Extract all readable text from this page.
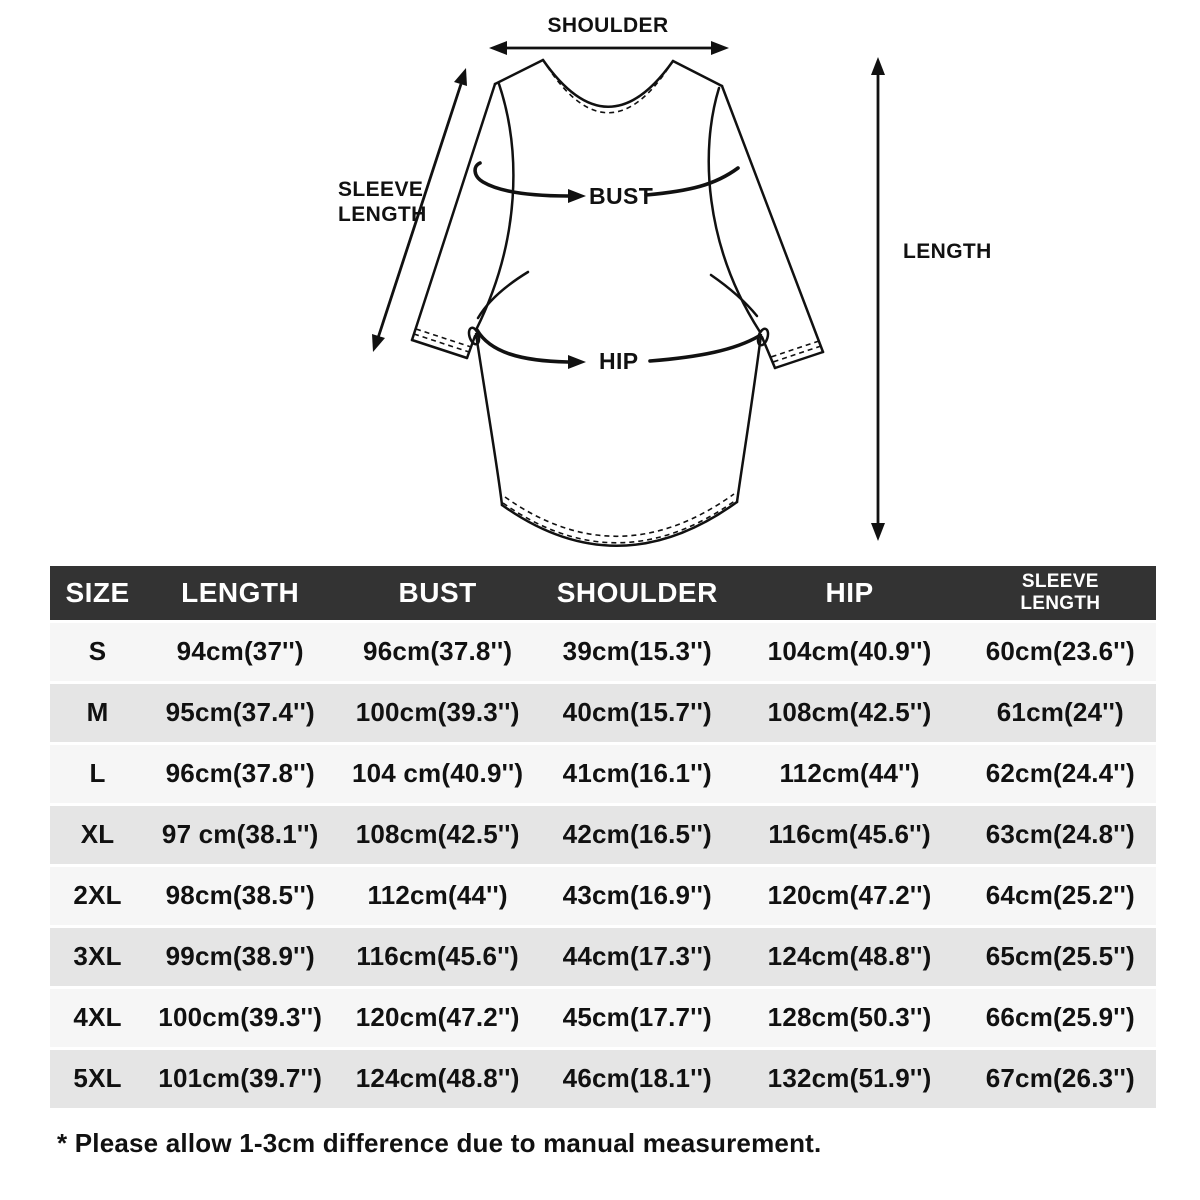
SHOULDER
SLEEVE
LENGTH
BUST
HIP
LENGTH
SIZE	LENGTH	BUST	SHOULDER	HIP	SLEEVE LENGTH
S	94cm(37'')	96cm(37.8'')	39cm(15.3'')	104cm(40.9'')	60cm(23.6'')
M	95cm(37.4'')	100cm(39.3'')	40cm(15.7'')	108cm(42.5'')	61cm(24'')
L	96cm(37.8'')	104 cm(40.9'')	41cm(16.1'')	112cm(44'')	62cm(24.4'')
XL	97 cm(38.1'')	108cm(42.5'')	42cm(16.5'')	116cm(45.6'')	63cm(24.8'')
2XL	98cm(38.5'')	112cm(44'')	43cm(16.9'')	120cm(47.2'')	64cm(25.2'')
3XL	99cm(38.9'')	116cm(45.6'')	44cm(17.3'')	124cm(48.8'')	65cm(25.5'')
4XL	100cm(39.3'')	120cm(47.2'')	45cm(17.7'')	128cm(50.3'')	66cm(25.9'')
5XL	101cm(39.7'')	124cm(48.8'')	46cm(18.1'')	132cm(51.9'')	67cm(26.3'')
* Please allow 1-3cm difference due to manual measurement.
